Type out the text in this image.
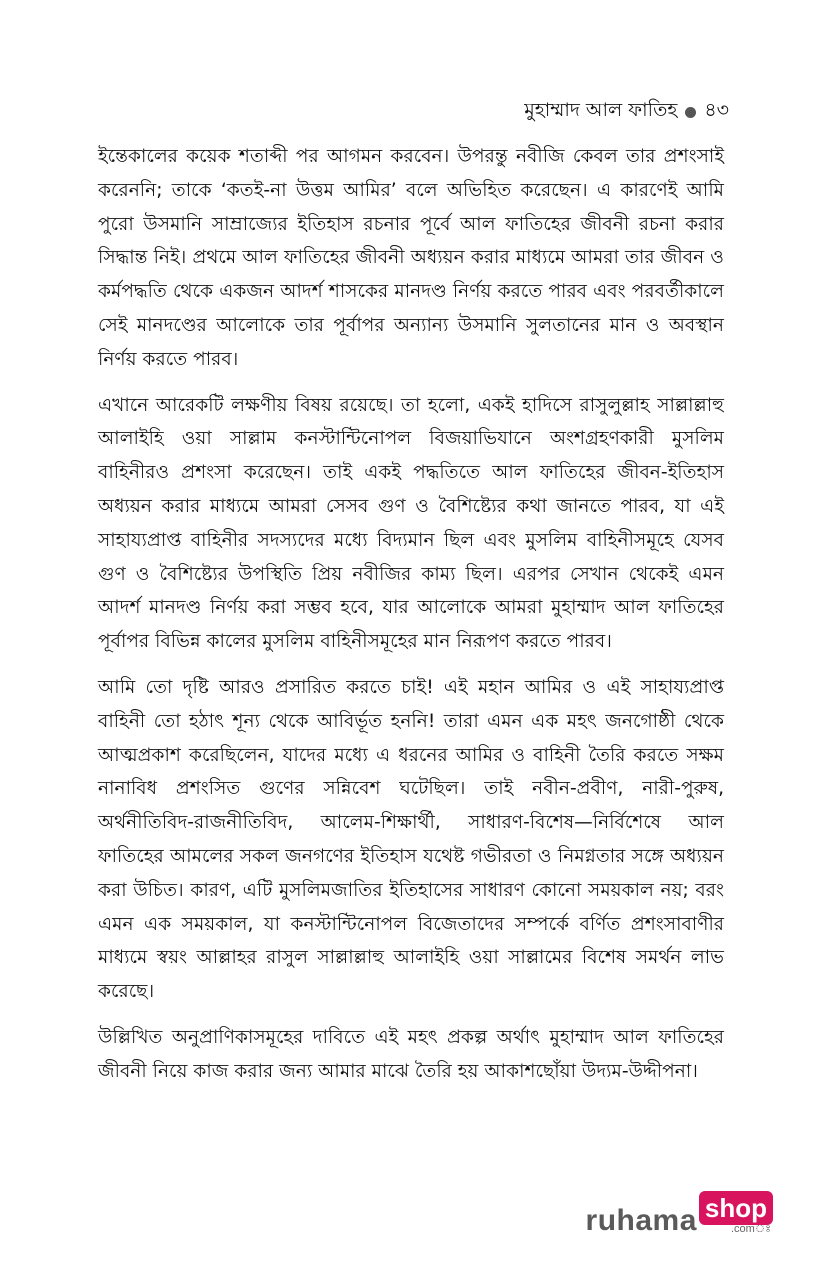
মুহাম্মাদ আল ফাতিহ ৪৩

ইন্তেকালের কয়েক শতাব্দী পর আগমন করবেন। উপরন্তু নবীজি কেবল তার প্রশংসাই করেননি; তাকে ‘কতই-না উত্তম আমির’ বলে অভিহিত করেছেন। এ কারণেই আমি পুরো উসমানি সাম্রাজ্যের ইতিহাস রচনার পূর্বে আল ফাতিহের জীবনী রচনা করার সিদ্ধান্ত নিই। প্রথমে আল ফাতিহের জীবনী অধ্যয়ন করার মাধ্যমে আমরা তার জীবন ও কর্মপদ্ধতি থেকে একজন আদর্শ শাসকের মানদণ্ড নির্ণয় করতে পারব এবং পরবর্তীকালে সেই মানদণ্ডের আলোকে তার পূর্বাপর অন্যান্য উসমানি সুলতানের মান ও অবস্থান নির্ণয় করতে পারব।

এখানে আরেকটি লক্ষণীয় বিষয় রয়েছে। তা হলো, একই হাদিসে রাসুলুল্লাহ সাল্লাল্লাহু আলাইহি ওয়া সাল্লাম কনস্টান্টিনোপল বিজয়াভিযানে অংশগ্রহণকারী মুসলিম বাহিনীরও প্রশংসা করেছেন। তাই একই পদ্ধতিতে আল ফাতিহের জীবন-ইতিহাস অধ্যয়ন করার মাধ্যমে আমরা সেসব গুণ ও বৈশিষ্ট্যের কথা জানতে পারব, যা এই সাহায্যপ্রাপ্ত বাহিনীর সদস্যদের মধ্যে বিদ্যমান ছিল এবং মুসলিম বাহিনীসমূহে যেসব গুণ ও বৈশিষ্ট্যের উপস্থিতি প্রিয় নবীজির কাম্য ছিল। এরপর সেখান থেকেই এমন আদর্শ মানদণ্ড নির্ণয় করা সম্ভব হবে, যার আলোকে আমরা মুহাম্মাদ আল ফাতিহের পূর্বাপর বিভিন্ন কালের মুসলিম বাহিনীসমূহের মান নিরূপণ করতে পারব।

আমি তো দৃষ্টি আরও প্রসারিত করতে চাই! এই মহান আমির ও এই সাহায্যপ্রাপ্ত বাহিনী তো হঠাৎ শূন্য থেকে আবির্ভূত হননি! তারা এমন এক মহৎ জনগোষ্ঠী থেকে আত্মপ্রকাশ করেছিলেন, যাদের মধ্যে এ ধরনের আমির ও বাহিনী তৈরি করতে সক্ষম নানাবিধ প্রশংসিত গুণের সন্নিবেশ ঘটেছিল। তাই নবীন-প্রবীণ, নারী-পুরুষ, অর্থনীতিবিদ-রাজনীতিবিদ, আলেম-শিক্ষার্থী, সাধারণ-বিশেষ—নির্বিশেষে আল ফাতিহের আমলের সকল জনগণের ইতিহাস যথেষ্ট গভীরতা ও নিমগ্নতার সঙ্গে অধ্যয়ন করা উচিত। কারণ, এটি মুসলিমজাতির ইতিহাসের সাধারণ কোনো সময়কাল নয়; বরং এমন এক সময়কাল, যা কনস্টান্টিনোপল বিজেতাদের সম্পর্কে বর্ণিত প্রশংসাবাণীর মাধ্যমে স্বয়ং আল্লাহর রাসুল সাল্লাল্লাহু আলাইহি ওয়া সাল্লামের বিশেষ সমর্থন লাভ করেছে।

উল্লিখিত অনুপ্রাণিকাসমূহের দাবিতে এই মহৎ প্রকল্প অর্থাৎ মুহাম্মাদ আল ফাতিহের জীবনী নিয়ে কাজ করার জন্য আমার মাঝে তৈরি হয় আকাশছোঁয়া উদ্যম-উদ্দীপনা।

ruhama shop
.comঃ
